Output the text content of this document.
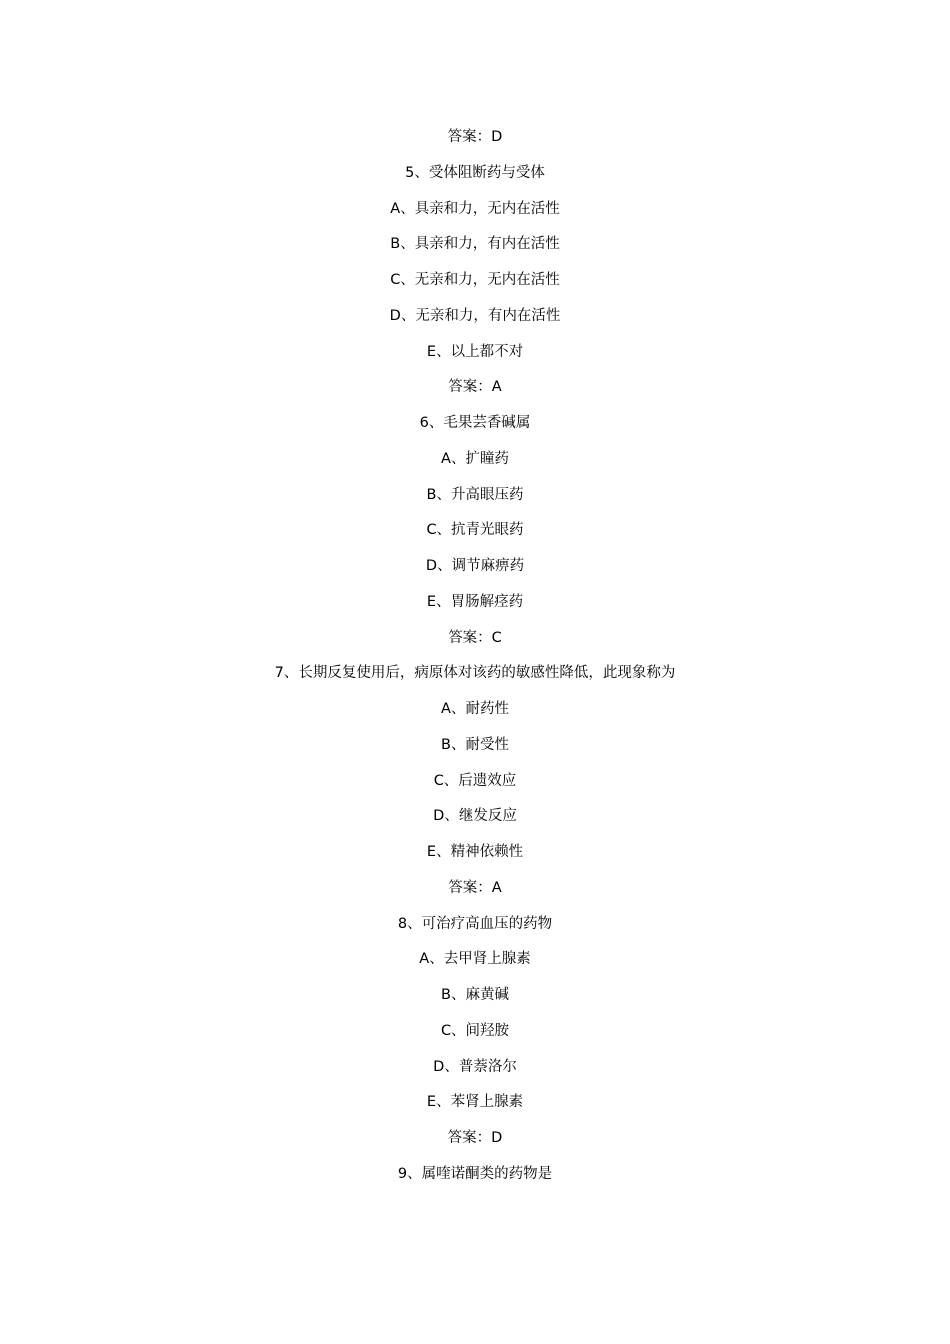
答案：D

5、受体阻断药与受体

A、具亲和力，无内在活性

B、具亲和力，有内在活性

C、无亲和力，无内在活性

D、无亲和力，有内在活性

E、以上都不对

答案：A

6、毛果芸香碱属

A、扩瞳药

B、升高眼压药

C、抗青光眼药

D、调节麻痹药

E、胃肠解痉药

答案：C

7、长期反复使用后，病原体对该药的敏感性降低，此现象称为

A、耐药性

B、耐受性

C、后遗效应

D、继发反应

E、精神依赖性

答案：A

8、可治疗高血压的药物

A、去甲肾上腺素

B、麻黄碱

C、间羟胺

D、普萘洛尔

E、苯肾上腺素

答案：D

9、属喹诺酮类的药物是
